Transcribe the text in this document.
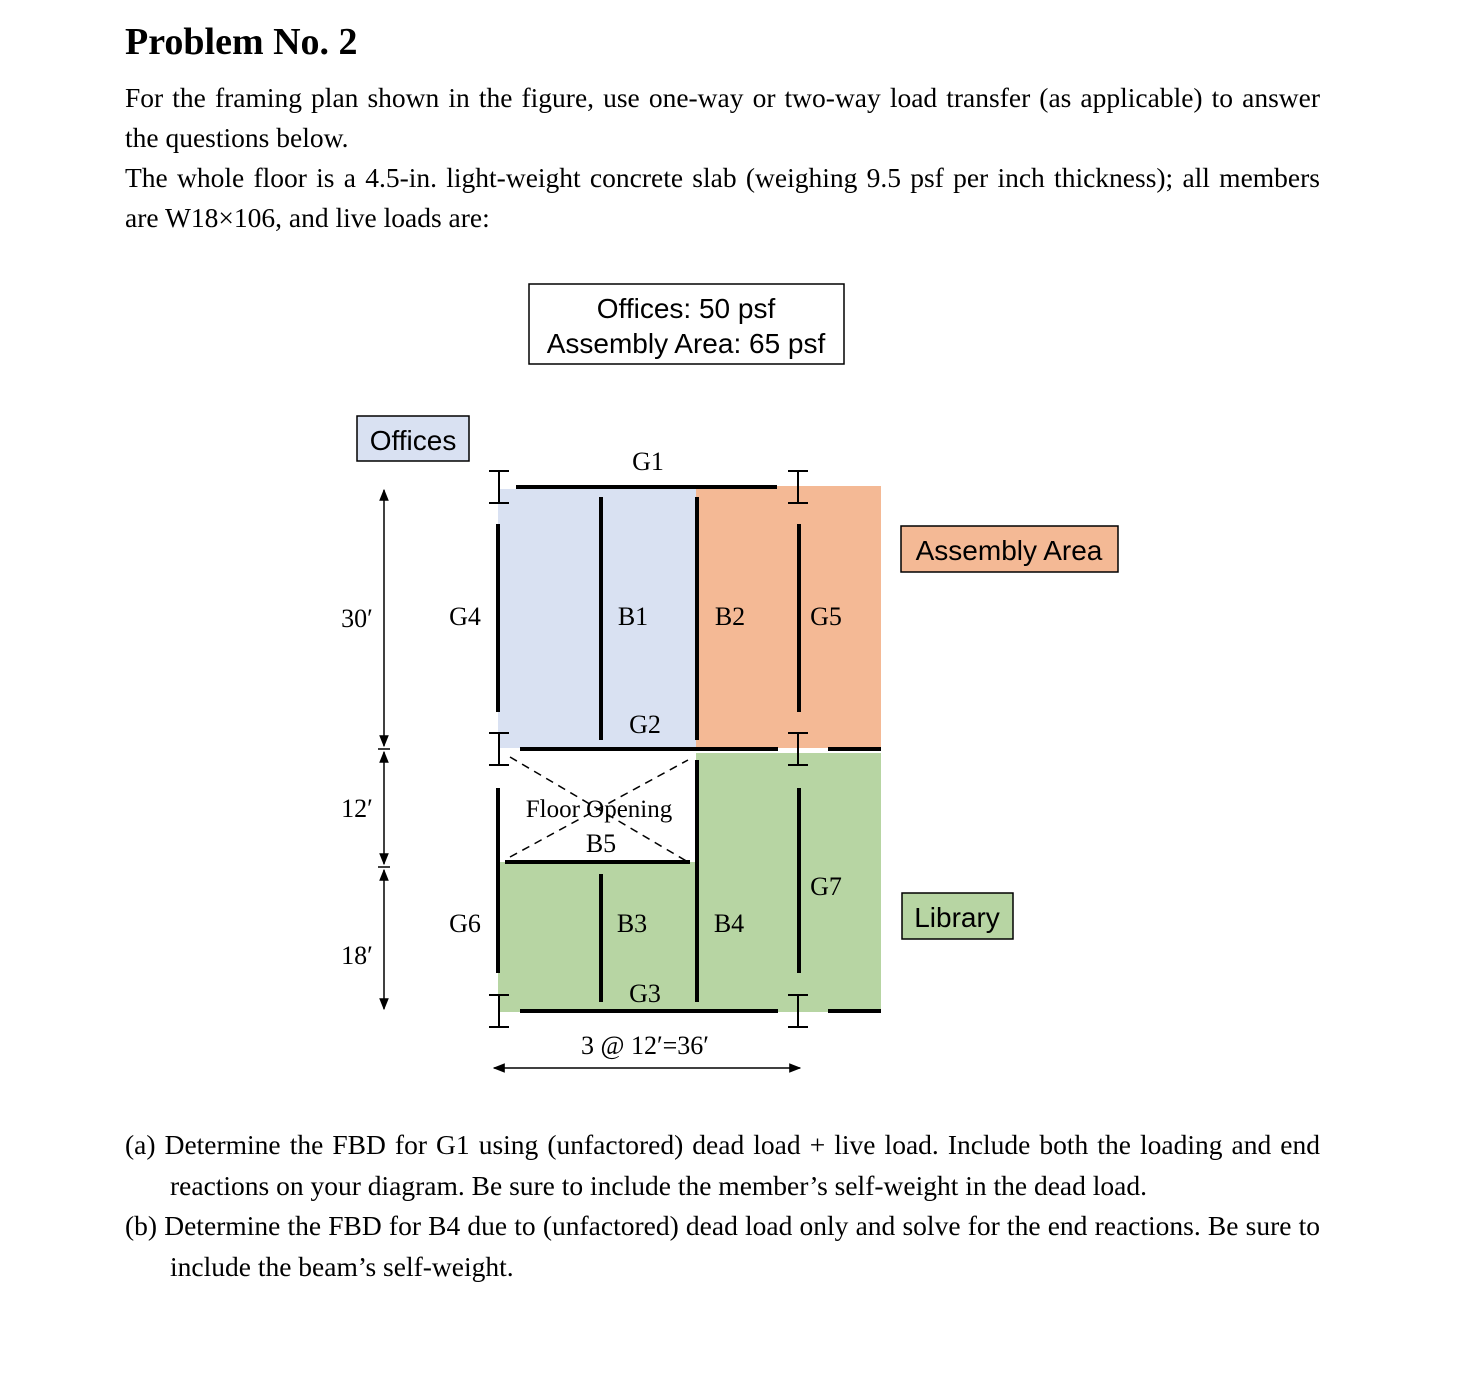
Problem No. 2

For the framing plan shown in the figure, use one-way or two-way load transfer (as applicable) to answer the questions below.

The whole floor is a 4.5-in. light-weight concrete slab (weighing 9.5 psf per inch thickness); all members are W18×106, and live loads are:

Offices: 50 psf
Assembly Area: 65 psf
Offices
Assembly Area
Library
Floor Opening
G1
G2
G3
G4	G5
G6
G7
B1	B2
B3	B4
B5
30′
12′
18′
3 @ 12′=36′

(a) Determine the FBD for G1 using (unfactored) dead load + live load. Include both the loading and end reactions on your diagram. Be sure to include the member’s self-weight in the dead load.

(b) Determine the FBD for B4 due to (unfactored) dead load only and solve for the end reactions. Be sure to include the beam’s self-weight.
